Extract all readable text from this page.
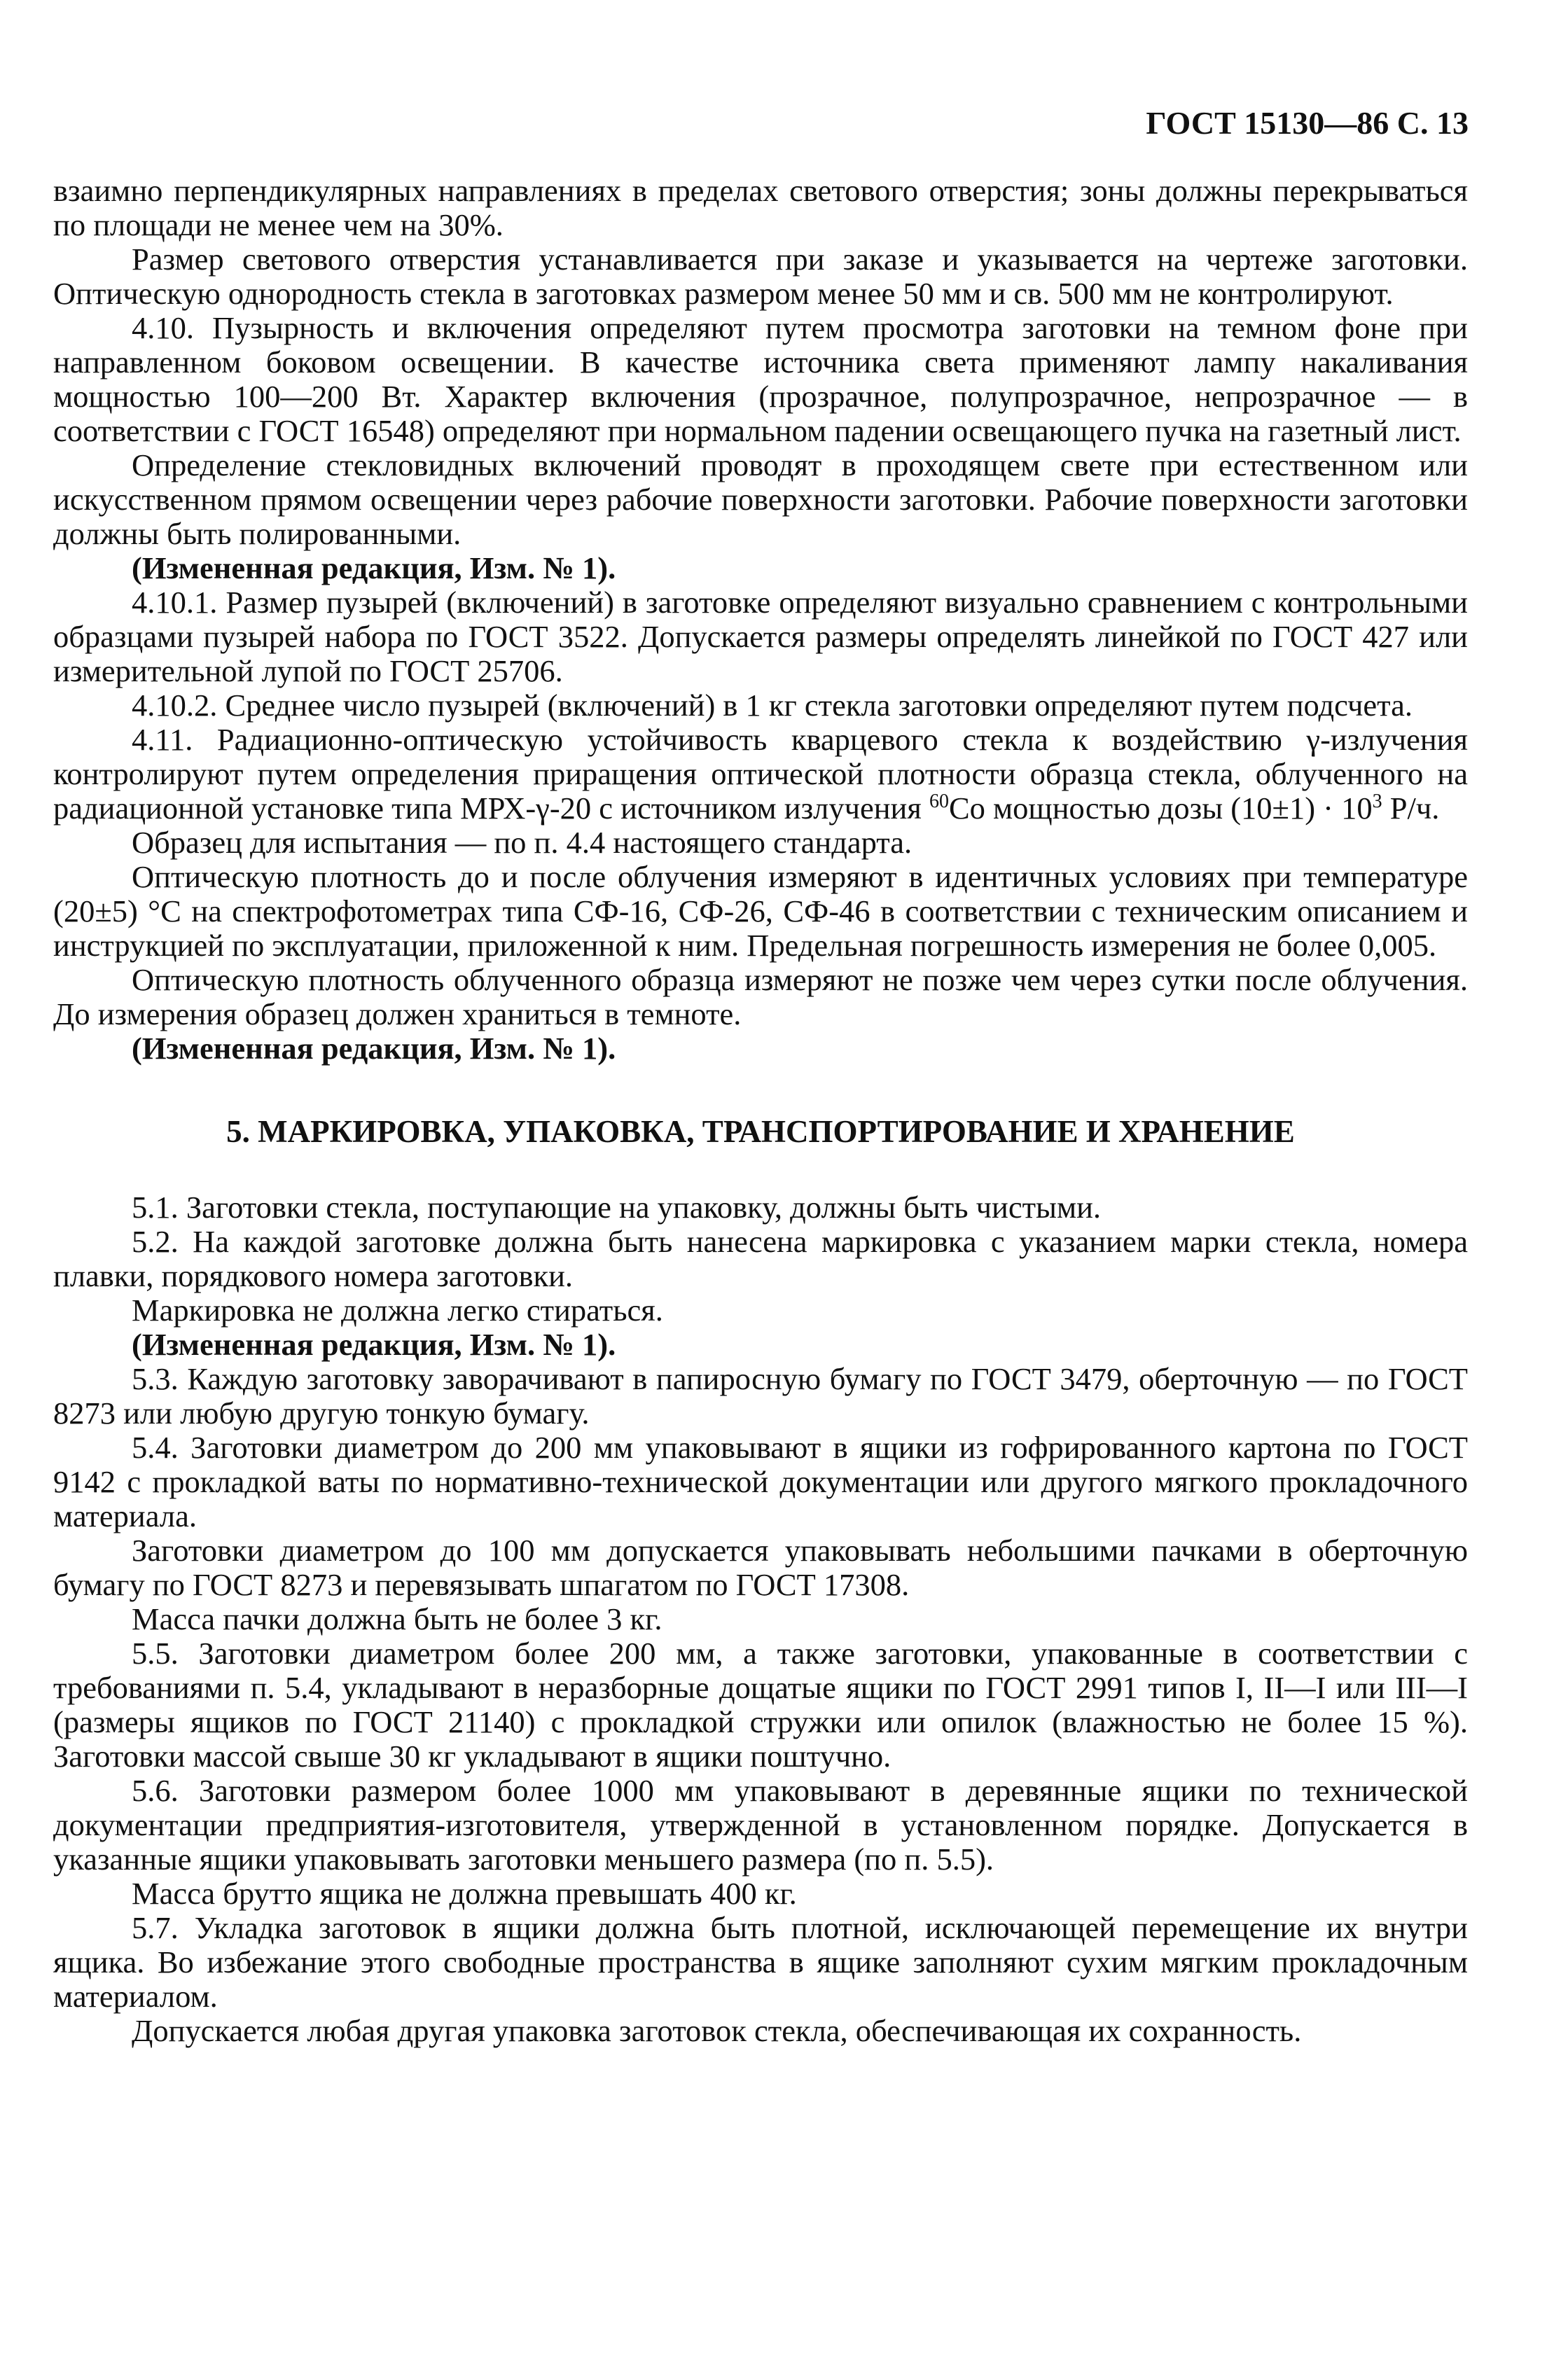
ГОСТ 15130—86 С. 13

взаимно перпендикулярных направлениях в пределах светового отверстия; зоны должны перекрываться по площади не менее чем на 30%.

Размер светового отверстия устанавливается при заказе и указывается на чертеже заготовки. Оптическую однородность стекла в заготовках размером менее 50 мм и св. 500 мм не контролируют.

4.10. Пузырность и включения определяют путем просмотра заготовки на темном фоне при направленном боковом освещении. В качестве источника света применяют лампу накаливания мощностью 100—200 Вт. Характер включения (прозрачное, полупрозрачное, непрозрачное — в соответствии с ГОСТ 16548) определяют при нормальном падении освещающего пучка на газетный лист.

Определение стекловидных включений проводят в проходящем свете при естественном или искусственном прямом освещении через рабочие поверхности заготовки. Рабочие поверхности заготовки должны быть полированными.

(Измененная редакция, Изм. № 1).

4.10.1. Размер пузырей (включений) в заготовке определяют визуально сравнением с контрольными образцами пузырей набора по ГОСТ 3522. Допускается размеры определять линейкой по ГОСТ 427 или измерительной лупой по ГОСТ 25706.

4.10.2. Среднее число пузырей (включений) в 1 кг стекла заготовки определяют путем подсчета.

4.11. Радиационно-оптическую устойчивость кварцевого стекла к воздействию γ-излучения контролируют путем определения приращения оптической плотности образца стекла, облученного на радиационной установке типа МРХ-γ-20 с источником излучения $^{60}$Со мощностью дозы $(10\pm 1) \cdot 10^3$ Р/ч.

Образец для испытания — по п. 4.4 настоящего стандарта.

Оптическую плотность до и после облучения измеряют в идентичных условиях при температуре (20±5) °С на спектрофотометрах типа СФ-16, СФ-26, СФ-46 в соответствии с техническим описанием и инструкцией по эксплуатации, приложенной к ним. Предельная погрешность измерения не более 0,005.

Оптическую плотность облученного образца измеряют не позже чем через сутки после облучения. До измерения образец должен храниться в темноте.

(Измененная редакция, Изм. № 1).

5. МАРКИРОВКА, УПАКОВКА, ТРАНСПОРТИРОВАНИЕ И ХРАНЕНИЕ

5.1. Заготовки стекла, поступающие на упаковку, должны быть чистыми.

5.2. На каждой заготовке должна быть нанесена маркировка с указанием марки стекла, номера плавки, порядкового номера заготовки.

Маркировка не должна легко стираться.

(Измененная редакция, Изм. № 1).

5.3. Каждую заготовку заворачивают в папиросную бумагу по ГОСТ 3479, оберточную — по ГОСТ 8273 или любую другую тонкую бумагу.

5.4. Заготовки диаметром до 200 мм упаковывают в ящики из гофрированного картона по ГОСТ 9142 с прокладкой ваты по нормативно-технической документации или другого мягкого прокладочного материала.

Заготовки диаметром до 100 мм допускается упаковывать небольшими пачками в оберточную бумагу по ГОСТ 8273 и перевязывать шпагатом по ГОСТ 17308.

Масса пачки должна быть не более 3 кг.

5.5. Заготовки диаметром более 200 мм, а также заготовки, упакованные в соответствии с требованиями п. 5.4, укладывают в неразборные дощатые ящики по ГОСТ 2991 типов I, II—I или III—I (размеры ящиков по ГОСТ 21140) с прокладкой стружки или опилок (влажностью не более 15 %). Заготовки массой свыше 30 кг укладывают в ящики поштучно.

5.6. Заготовки размером более 1000 мм упаковывают в деревянные ящики по технической документации предприятия-изготовителя, утвержденной в установленном порядке. Допускается в указанные ящики упаковывать заготовки меньшего размера (по п. 5.5).

Масса брутто ящика не должна превышать 400 кг.

5.7. Укладка заготовок в ящики должна быть плотной, исключающей перемещение их внутри ящика. Во избежание этого свободные пространства в ящике заполняют сухим мягким прокладочным материалом.

Допускается любая другая упаковка заготовок стекла, обеспечивающая их сохранность.
